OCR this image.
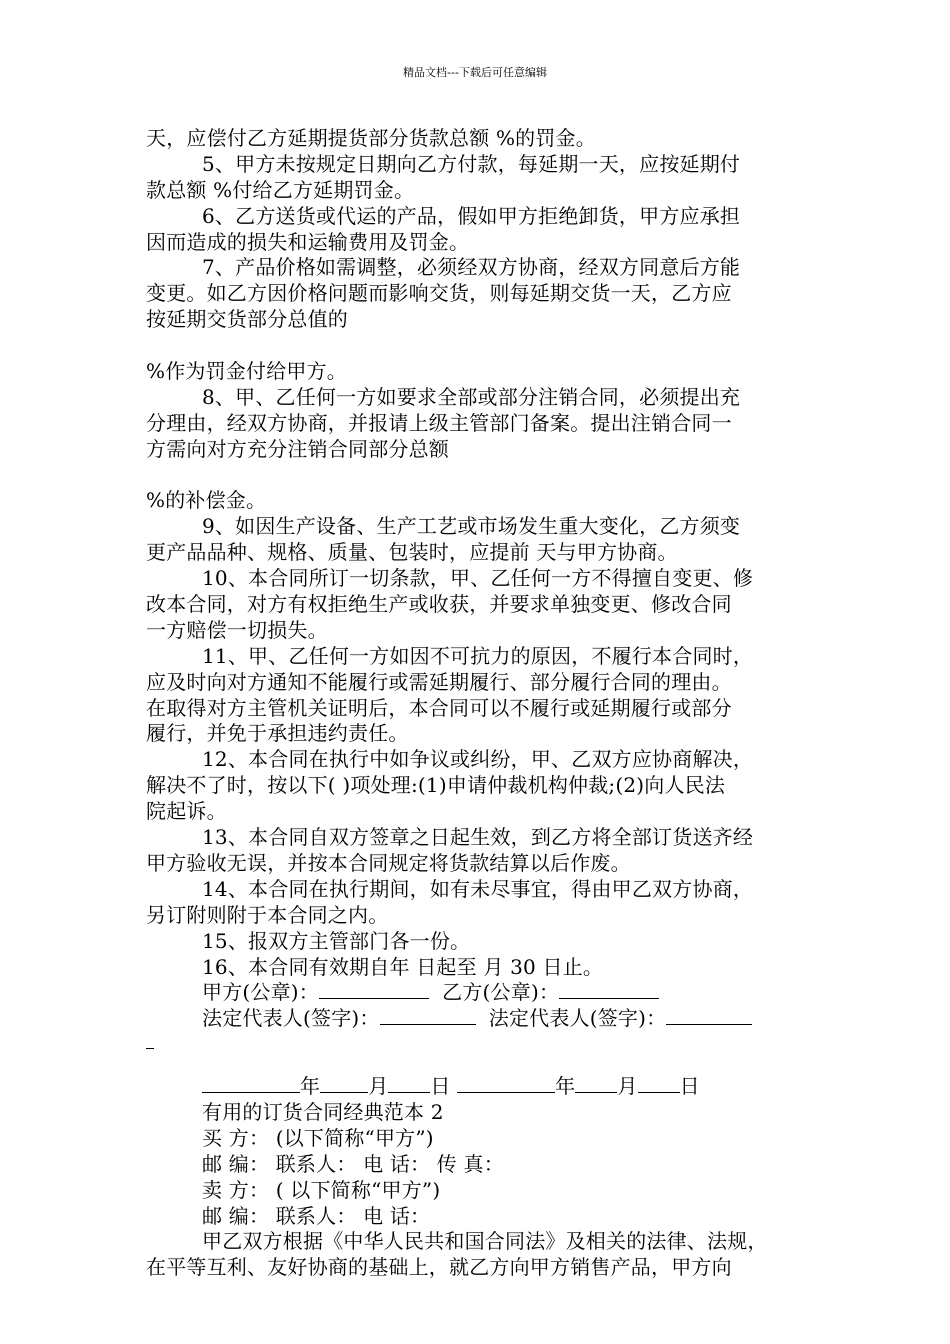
精品文档---下载后可任意编辑
天，应偿付乙方延期提货部分货款总额 %的罚金。
5、甲方未按规定日期向乙方付款，每延期一天，应按延期付
款总额 %付给乙方延期罚金。
6、乙方送货或代运的产品，假如甲方拒绝卸货，甲方应承担
因而造成的损失和运输费用及罚金。
7、产品价格如需调整，必须经双方协商，经双方同意后方能
变更。如乙方因价格问题而影响交货，则每延期交货一天，乙方应
按延期交货部分总值的
%作为罚金付给甲方。
8、甲、乙任何一方如要求全部或部分注销合同，必须提出充
分理由，经双方协商，并报请上级主管部门备案。提出注销合同一
方需向对方充分注销合同部分总额
%的补偿金。
9、如因生产设备、生产工艺或市场发生重大变化，乙方须变
更产品品种、规格、质量、包装时，应提前 天与甲方协商。
10、本合同所订一切条款，甲、乙任何一方不得擅自变更、修
改本合同，对方有权拒绝生产或收获，并要求单独变更、修改合同
一方赔偿一切损失。
11、甲、乙任何一方如因不可抗力的原因，不履行本合同时，
应及时向对方通知不能履行或需延期履行、部分履行合同的理由。
在取得对方主管机关证明后，本合同可以不履行或延期履行或部分
履行，并免于承担违约责任。
12、本合同在执行中如争议或纠纷，甲、乙双方应协商解决，
解决不了时，按以下( )项处理:(1)申请仲裁机构仲裁;(2)向人民法
院起诉。
13、本合同自双方签章之日起生效，到乙方将全部订货送齐经
甲方验收无误，并按本合同规定将货款结算以后作废。
14、本合同在执行期间，如有未尽事宜，得由甲乙双方协商，
另订附则附于本合同之内。
15、报双方主管部门各一份。
16、本合同有效期自年 日起至 月 30 日止。
甲方(公章)：	乙方(公章)：
法定代表人(签字)：	法定代表人(签字)：
年 月 日	年 月 日
有用的订货合同经典范本 2
买 方： (以下简称“甲方”)
邮 编： 联系人： 电 话： 传 真：
卖 方： ( 以下简称“甲方”)
邮 编： 联系人： 电 话：
甲乙双方根据《中华人民共和国合同法》及相关的法律、法规，
在平等互利、友好协商的基础上，就乙方向甲方销售产品，甲方向
